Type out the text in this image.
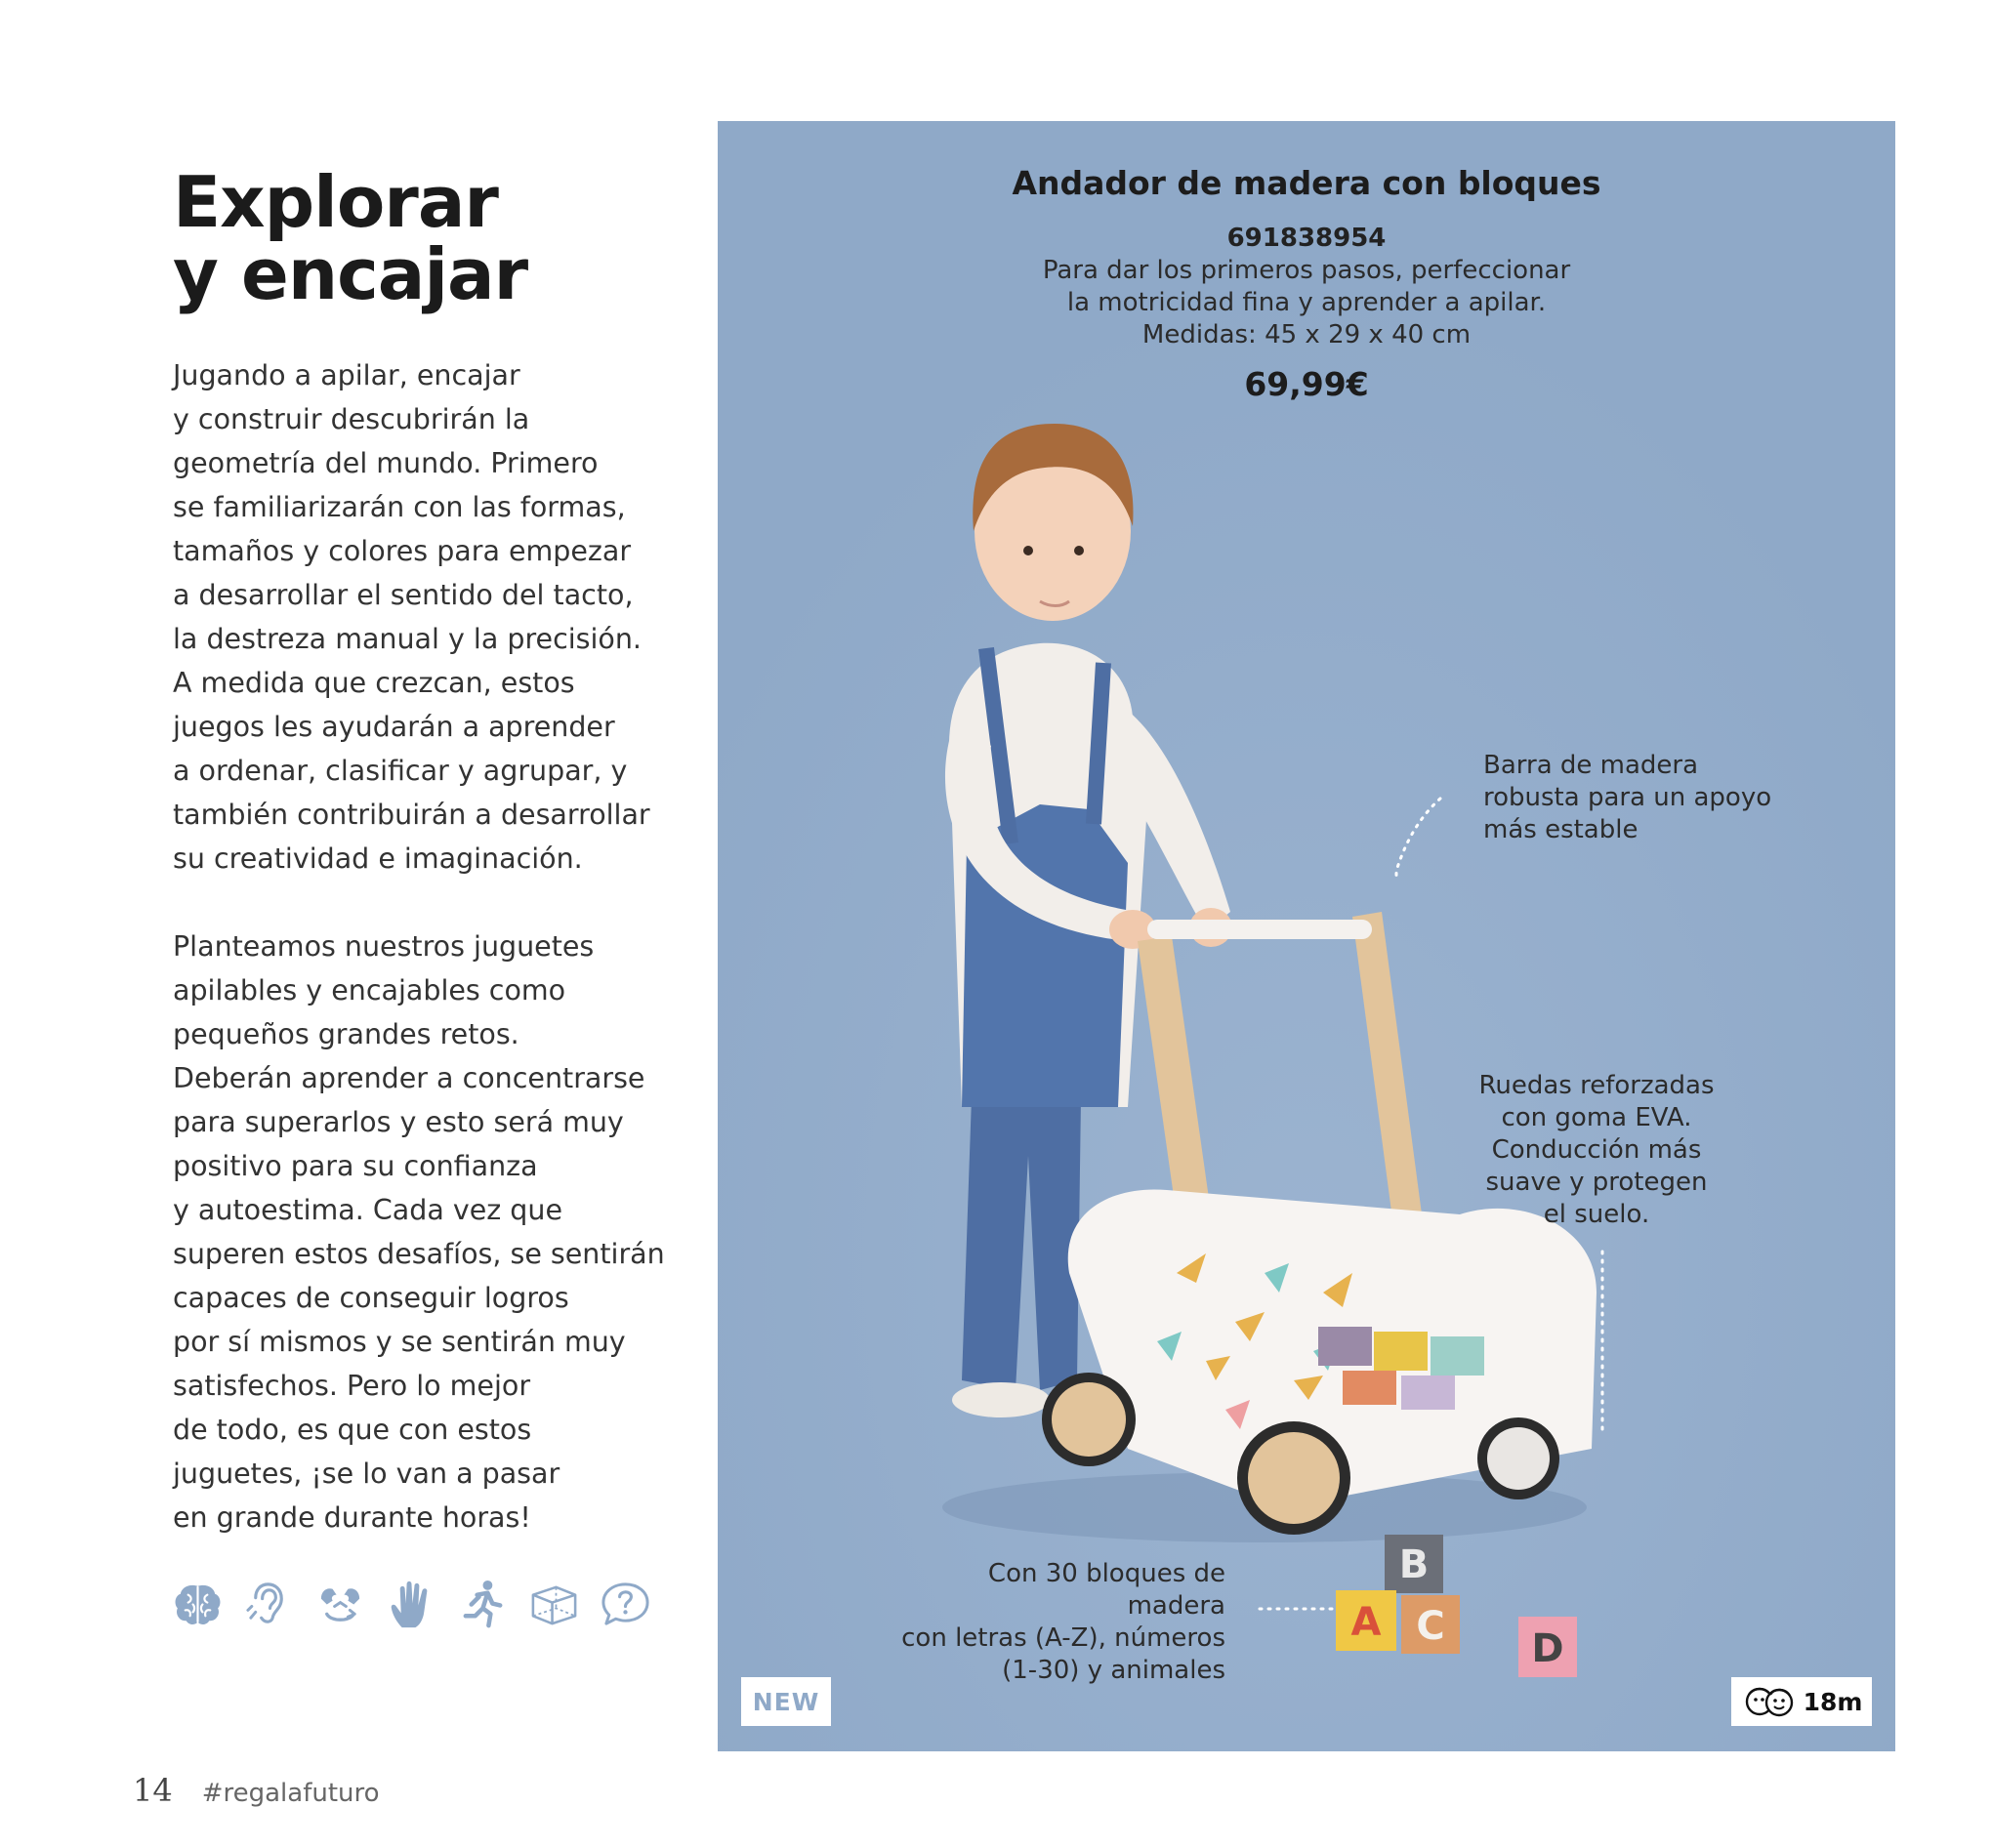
Explorar
y encajar

Jugando a apilar, encajar
y construir descubrirán la
geometría del mundo. Primero
se familiarizarán con las formas,
tamaños y colores para empezar
a desarrollar el sentido del tacto,
la destreza manual y la precisión.
A medida que crezcan, estos
juegos les ayudarán a aprender
a ordenar, clasificar y agrupar, y
también contribuirán a desarrollar
su creatividad e imaginación.

Planteamos nuestros juguetes
apilables y encajables como
pequeños grandes retos.
Deberán aprender a concentrarse
para superarlos y esto será muy
positivo para su confianza
y autoestima. Cada vez que
superen estos desafíos, se sentirán
capaces de conseguir logros
por sí mismos y se sentirán muy
satisfechos. Pero lo mejor
de todo, es que con estos
juguetes, ¡se lo van a pasar
en grande durante horas!

14 #regalafuturo
B
A C D
Andador de madera con bloques
691838954
Para dar los primeros pasos, perfeccionar
la motricidad fina y aprender a apilar.
Medidas: 45 x 29 x 40 cm
69,99€
Barra de madera
robusta para un apoyo
más estable
Ruedas reforzadas
con goma EVA.
Conducción más
suave y protegen
el suelo.
Con 30 bloques de madera
con letras (A-Z), números
(1-30) y animales
NEW	18m
